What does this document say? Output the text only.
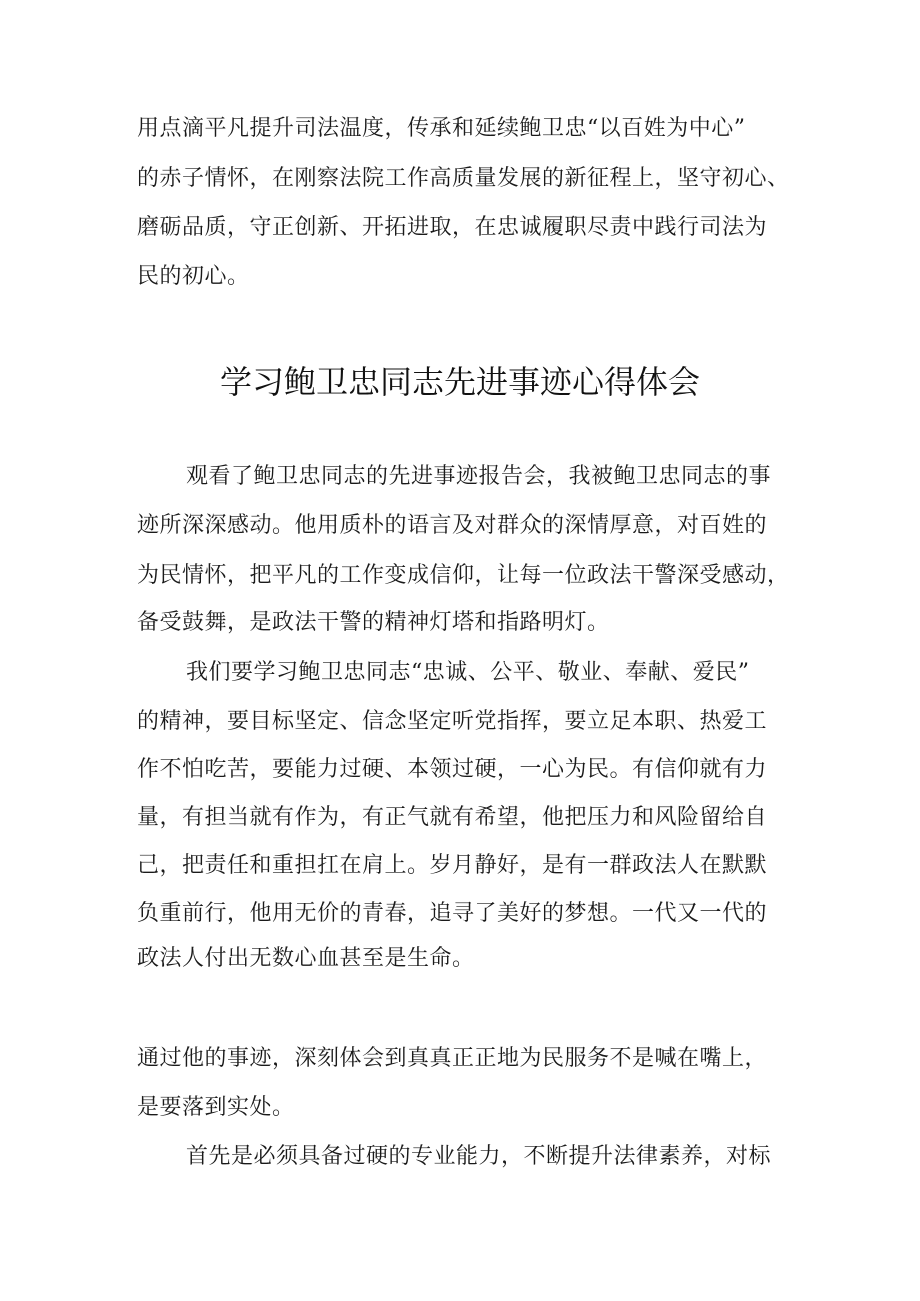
用点滴平凡提升司法温度，传承和延续鲍卫忠“以百姓为中心”
的赤子情怀，在刚察法院工作高质量发展的新征程上，坚守初心、
磨砺品质，守正创新、开拓进取，在忠诚履职尽责中践行司法为
民的初心。
学习鲍卫忠同志先进事迹心得体会
观看了鲍卫忠同志的先进事迹报告会，我被鲍卫忠同志的事
迹所深深感动。他用质朴的语言及对群众的深情厚意，对百姓的
为民情怀，把平凡的工作变成信仰，让每一位政法干警深受感动，
备受鼓舞，是政法干警的精神灯塔和指路明灯。
我们要学习鲍卫忠同志“忠诚、公平、敬业、奉献、爱民”
的精神，要目标坚定、信念坚定听党指挥，要立足本职、热爱工
作不怕吃苦，要能力过硬、本领过硬，一心为民。有信仰就有力
量，有担当就有作为，有正气就有希望，他把压力和风险留给自
己，把责任和重担扛在肩上。岁月静好，是有一群政法人在默默
负重前行，他用无价的青春，追寻了美好的梦想。一代又一代的
政法人付出无数心血甚至是生命。
通过他的事迹，深刻体会到真真正正地为民服务不是喊在嘴上，
是要落到实处。
首先是必须具备过硬的专业能力，不断提升法律素养，对标
